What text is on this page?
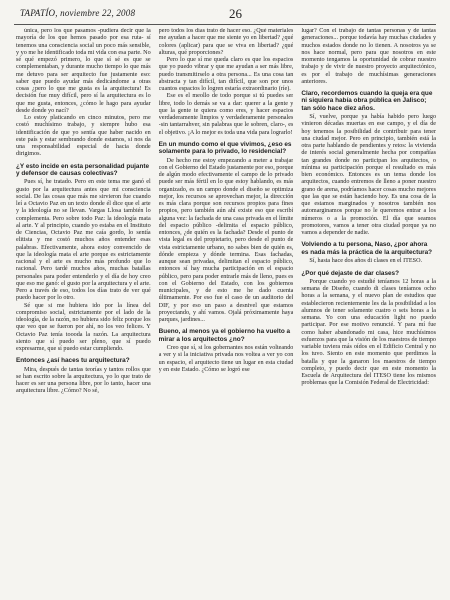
TAPATÍO, noviembre 22, 2008	26

única, pero los que pasamos -pudiera decir que la mayoría de los que hemos pasado por esa ruta- sí tenemos una consciencia social un poco más sensible, y yo me he identificado toda mi vida con esa parte. No sé qué empezó primero, lo que sí sé es que se complementaban, y durante mucho tiempo lo que más me detuvo para ser arquitecto fue justamente eso: saber que puedo ayudar más dedicándome a otras cosas ¿pero lo que me gusta es la arquitectura! Es decisión fue muy difícil, pero sí la arquitectura es lo que me gusta, entonces, ¿cómo le hago para ayudar desde donde yo nací?

Lo estoy platicando en cinco minutos, pero me costó muchísimo trabajo, y siempre hubo esa identificación de que yo sentía que haber nacido en este país y estar sembrando donde estamos, si nos da una responsabilidad especial de hacia donde dirigimos.

¿Y esto incide en esta personalidad pujante y defensor de causas colectivas?

Pues sí, he tratado. Pero en este tema me ganó el gusto por la arquitectura antes que mi consciencia social. De las cosas que más me sirvieron fue cuando leí a Octavio Paz en un texto donde él dice que el arte y la ideología no se llevan. Vargas Llosa también lo complementa. Pero sobre todo Paz: la ideología mata al arte. Y al principio, cuando yo estaba en el Instituto de Ciencias, Octavio Paz me caía gordo, lo sentía elitista y me costó muchos años entender esas palabras. Efectivamente, ahora estoy convencido de que la ideología mata el arte porque es estrictamente racional y el arte es mucho más profundo que lo racional. Pero tardé muchos años, muchas batallas personales para poder entenderlo y el día de hoy creo que eso me ganó: el gusto por la arquitectura y el arte. Pero a través de eso, todos los días trato de ver qué puedo hacer por lo otro.

Sé que si me hubiera ido por la línea del compromiso social, estrictamente por el lado de la ideología, de la razón, no hubiera sido feliz porque los que veo que se fueron por ahí, no los veo felices. Y Octavio Paz tenía toooda la razón. La arquitectura siento que sí puedo ser pleno, que sí puedo expresarme, que sí puedo estar cumpliendo.

Entonces ¿así haces tu arquitectura?

Mira, después de tantas teorías y tantos rollos que se han escrito sobre la arquitectura, yo lo que trato de hacer es ser una persona libre, por lo tanto, hacer una arquitectura libre. ¿Cómo? No sé,

pero todos los días trato de hacer eso. ¿Qué materiales me ayudan a hacer que me siente yo en libertad? ¿qué colores (aplicar) para que se viva en libertad? ¿qué alturas, qué proporciones?

Pero lo que sí me queda claro es que los espacios que yo puedo vibrar y que me ayudan a ser más libre, puedo transmitirselo a otra persona... Es una cosa tan abstracta y tan difícil, tan difícil, que son por unos cuantos espacios lo logren estaría extraordinario (ríe).

Ese es el meollo de todo porque si tú puedes ser libre, todo lo demás se va a dar: querer a la gente y que la gente te quiera como eres, y hacer espacios verdaderamente limpios y verdaderamente personales -sin tantarrahver, sin palabras que le sobren, claro-, es el objetivo. ¡A lo mejor es toda una vida para lograrlo!

En un mundo como el que vivimos, ¿eso es solamente para lo privado, lo residencial?

De hecho me estoy empezando a meter a trabajar con el Gobierno del Estado justamente por eso, porque de algún modo efectivamente el campo de lo privado puede ser más fértil en lo que estoy hablando, es más organizado, es un campo donde el diseño se optimiza mejor, los recursos se aprovechan mejor, la dirección es más clara porque son recursos propios para fines propios, pero también aún ahí existe eso que escribí alguna vez: la fachada de una casa privada en el límite del espacio público -delimita el espacio público, entonces, ¿de quién es la fachada? Desde el punto de vista legal es del propietario, pero desde el punto de vista estrictamente urbano, no sabes bien de quién es, dónde empieza y dónde termina. Esas fachadas, aunque sean privadas, delimitan el espacio público, entonces sí hay mucha participación en el espacio público, pero para poder entrarle más de lleno, pues es con el Gobierno del Estado, con los gobiernos municipales, y de esto me he dado cuenta últimamente. Por eso fue el caso de un auditorio del DIF, y por eso un paso a desnivel que estamos proyectando, y ahí vamos. Ojalá próximamente haya parques, jardines...

Bueno, al menos ya el gobierno ha vuelto a mirar a los arquitectos ¿no?

Creo que sí, si los gobernantes nos están volteando a ver y si la iniciativa privada nos voltea a ver yo con un espacio, el arquitecto tiene un lugar en esta ciudad y en este Estado. ¿Cómo se logró ese

lugar? Con el trabajo de tantas personas y de tantas generaciones... porque todavía hay muchas ciudades y muchos estados donde no lo tienen. A nosotros ya se nos hace normal, pero para que nosotros en este momento tengamos la oportunidad de cobrar nuestro trabajo y de vivir de nuestro proyecto arquitectónico, es por el trabajo de muchísimas generaciones anteriores.

Claro, recordemos cuando la queja era que ni siquiera había obra pública en Jalisco; tan sólo hace diez años.

Sí, vuelve, porque ya había habido pero luego vinieron décadas muertas en ese campo, y el día de hoy tenemos la posibilidad de contribuir para tener una ciudad mejor. Pero en principio, también está la otra parte hablando de pendientes y retos: la vivienda de interés social generalmente hecha por compañías tan grandes donde no participan los arquitectos, o mínima su participación porque el resultado es más bien económico. Entonces es un tema donde los arquitectos, cuando entremos de lleno a poner nuestro grano de arena, podríamos hacer cosas mucho mejores que las que se están haciendo hoy. Es una cosa de la que estamos marginados y nosotros también nos automarginamos porque no le queremos entrar a los números o a la promoción. El día que seamos promotores, vamos a tener otra ciudad porque ya no vamos a depender de nadie.

Volviendo a tu persona, Naso, ¿por ahora es nada más la práctica de la arquitectura?

Sí, hasta hace dos años di clases en el ITESO.

¿Por qué dejaste de dar clases?

Porque cuando yo estudié teníamos 12 horas a la semana de Diseño, cuando di clases teníamos ocho horas a la semana, y el nuevo plan de estudios que establecieron recientemente les da la posibilidad a los alumnos de tener solamente cuatro o seis horas a la semana. Yo con una educación light no puedo participar. Por ese motivo renuncié. Y para mí fue como haber abandonado mi casa, hice muchísimos esfuerzos para que la visión de los maestros de tiempo variable tuviera más oídos en el Edificio Central y no los tuvo. Siento en este momento que perdimos la batalla y que la ganaron los maestros de tiempo completo, y puedo decir que en este momento la Escuela de Arquitectura del ITESO tiene los mismos problemas que la Comisión Federal de Electricidad:
